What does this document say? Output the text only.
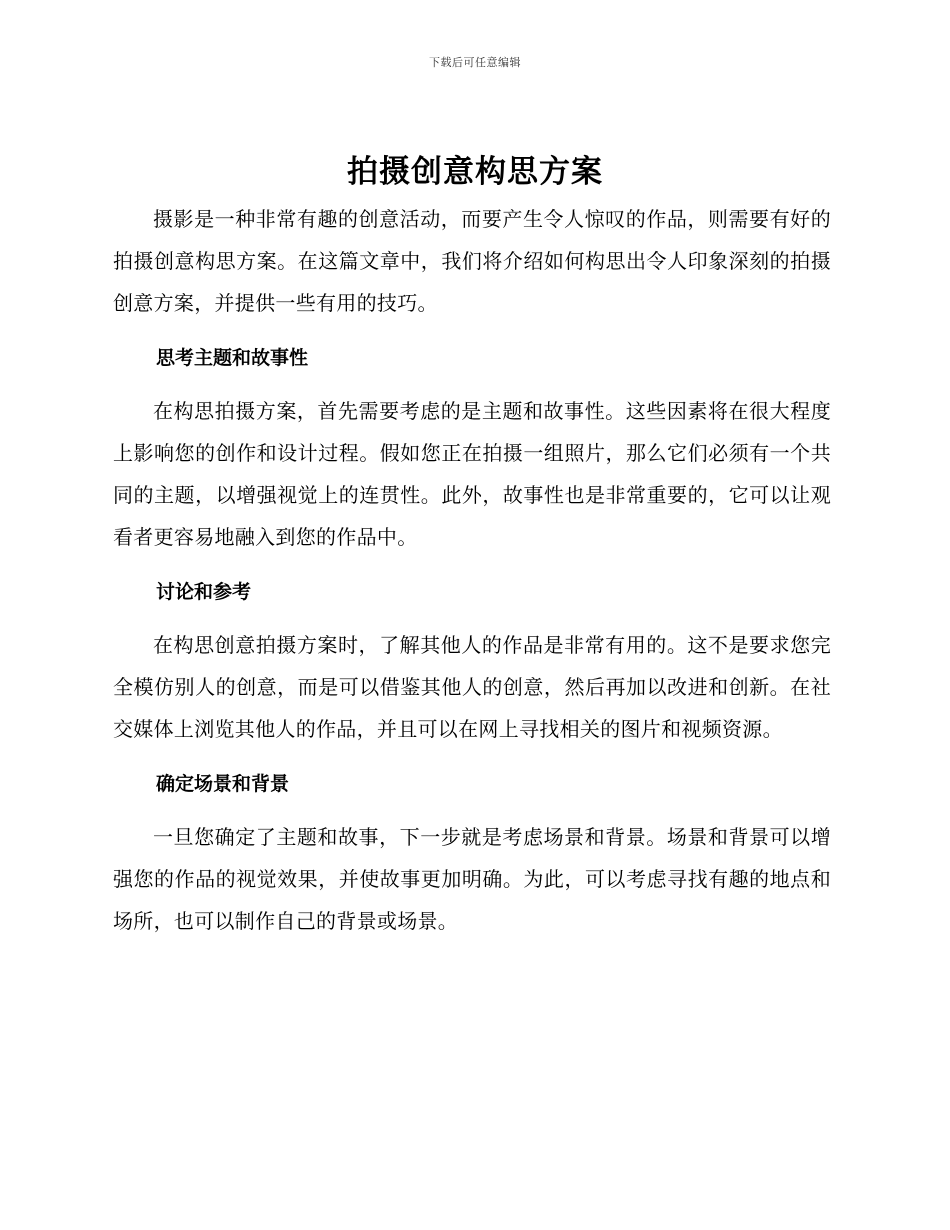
下载后可任意编辑
拍摄创意构思方案

摄影是一种非常有趣的创意活动，而要产生令人惊叹的作品，则需要有好的拍摄创意构思方案。在这篇文章中，我们将介绍如何构思出令人印象深刻的拍摄创意方案，并提供一些有用的技巧。

思考主题和故事性

在构思拍摄方案，首先需要考虑的是主题和故事性。这些因素将在很大程度上影响您的创作和设计过程。假如您正在拍摄一组照片，那么它们必须有一个共同的主题，以增强视觉上的连贯性。此外，故事性也是非常重要的，它可以让观看者更容易地融入到您的作品中。

讨论和参考

在构思创意拍摄方案时，了解其他人的作品是非常有用的。这不是要求您完全模仿别人的创意，而是可以借鉴其他人的创意，然后再加以改进和创新。在社交媒体上浏览其他人的作品，并且可以在网上寻找相关的图片和视频资源。

确定场景和背景

一旦您确定了主题和故事，下一步就是考虑场景和背景。场景和背景可以增强您的作品的视觉效果，并使故事更加明确。为此，可以考虑寻找有趣的地点和场所，也可以制作自己的背景或场景。
